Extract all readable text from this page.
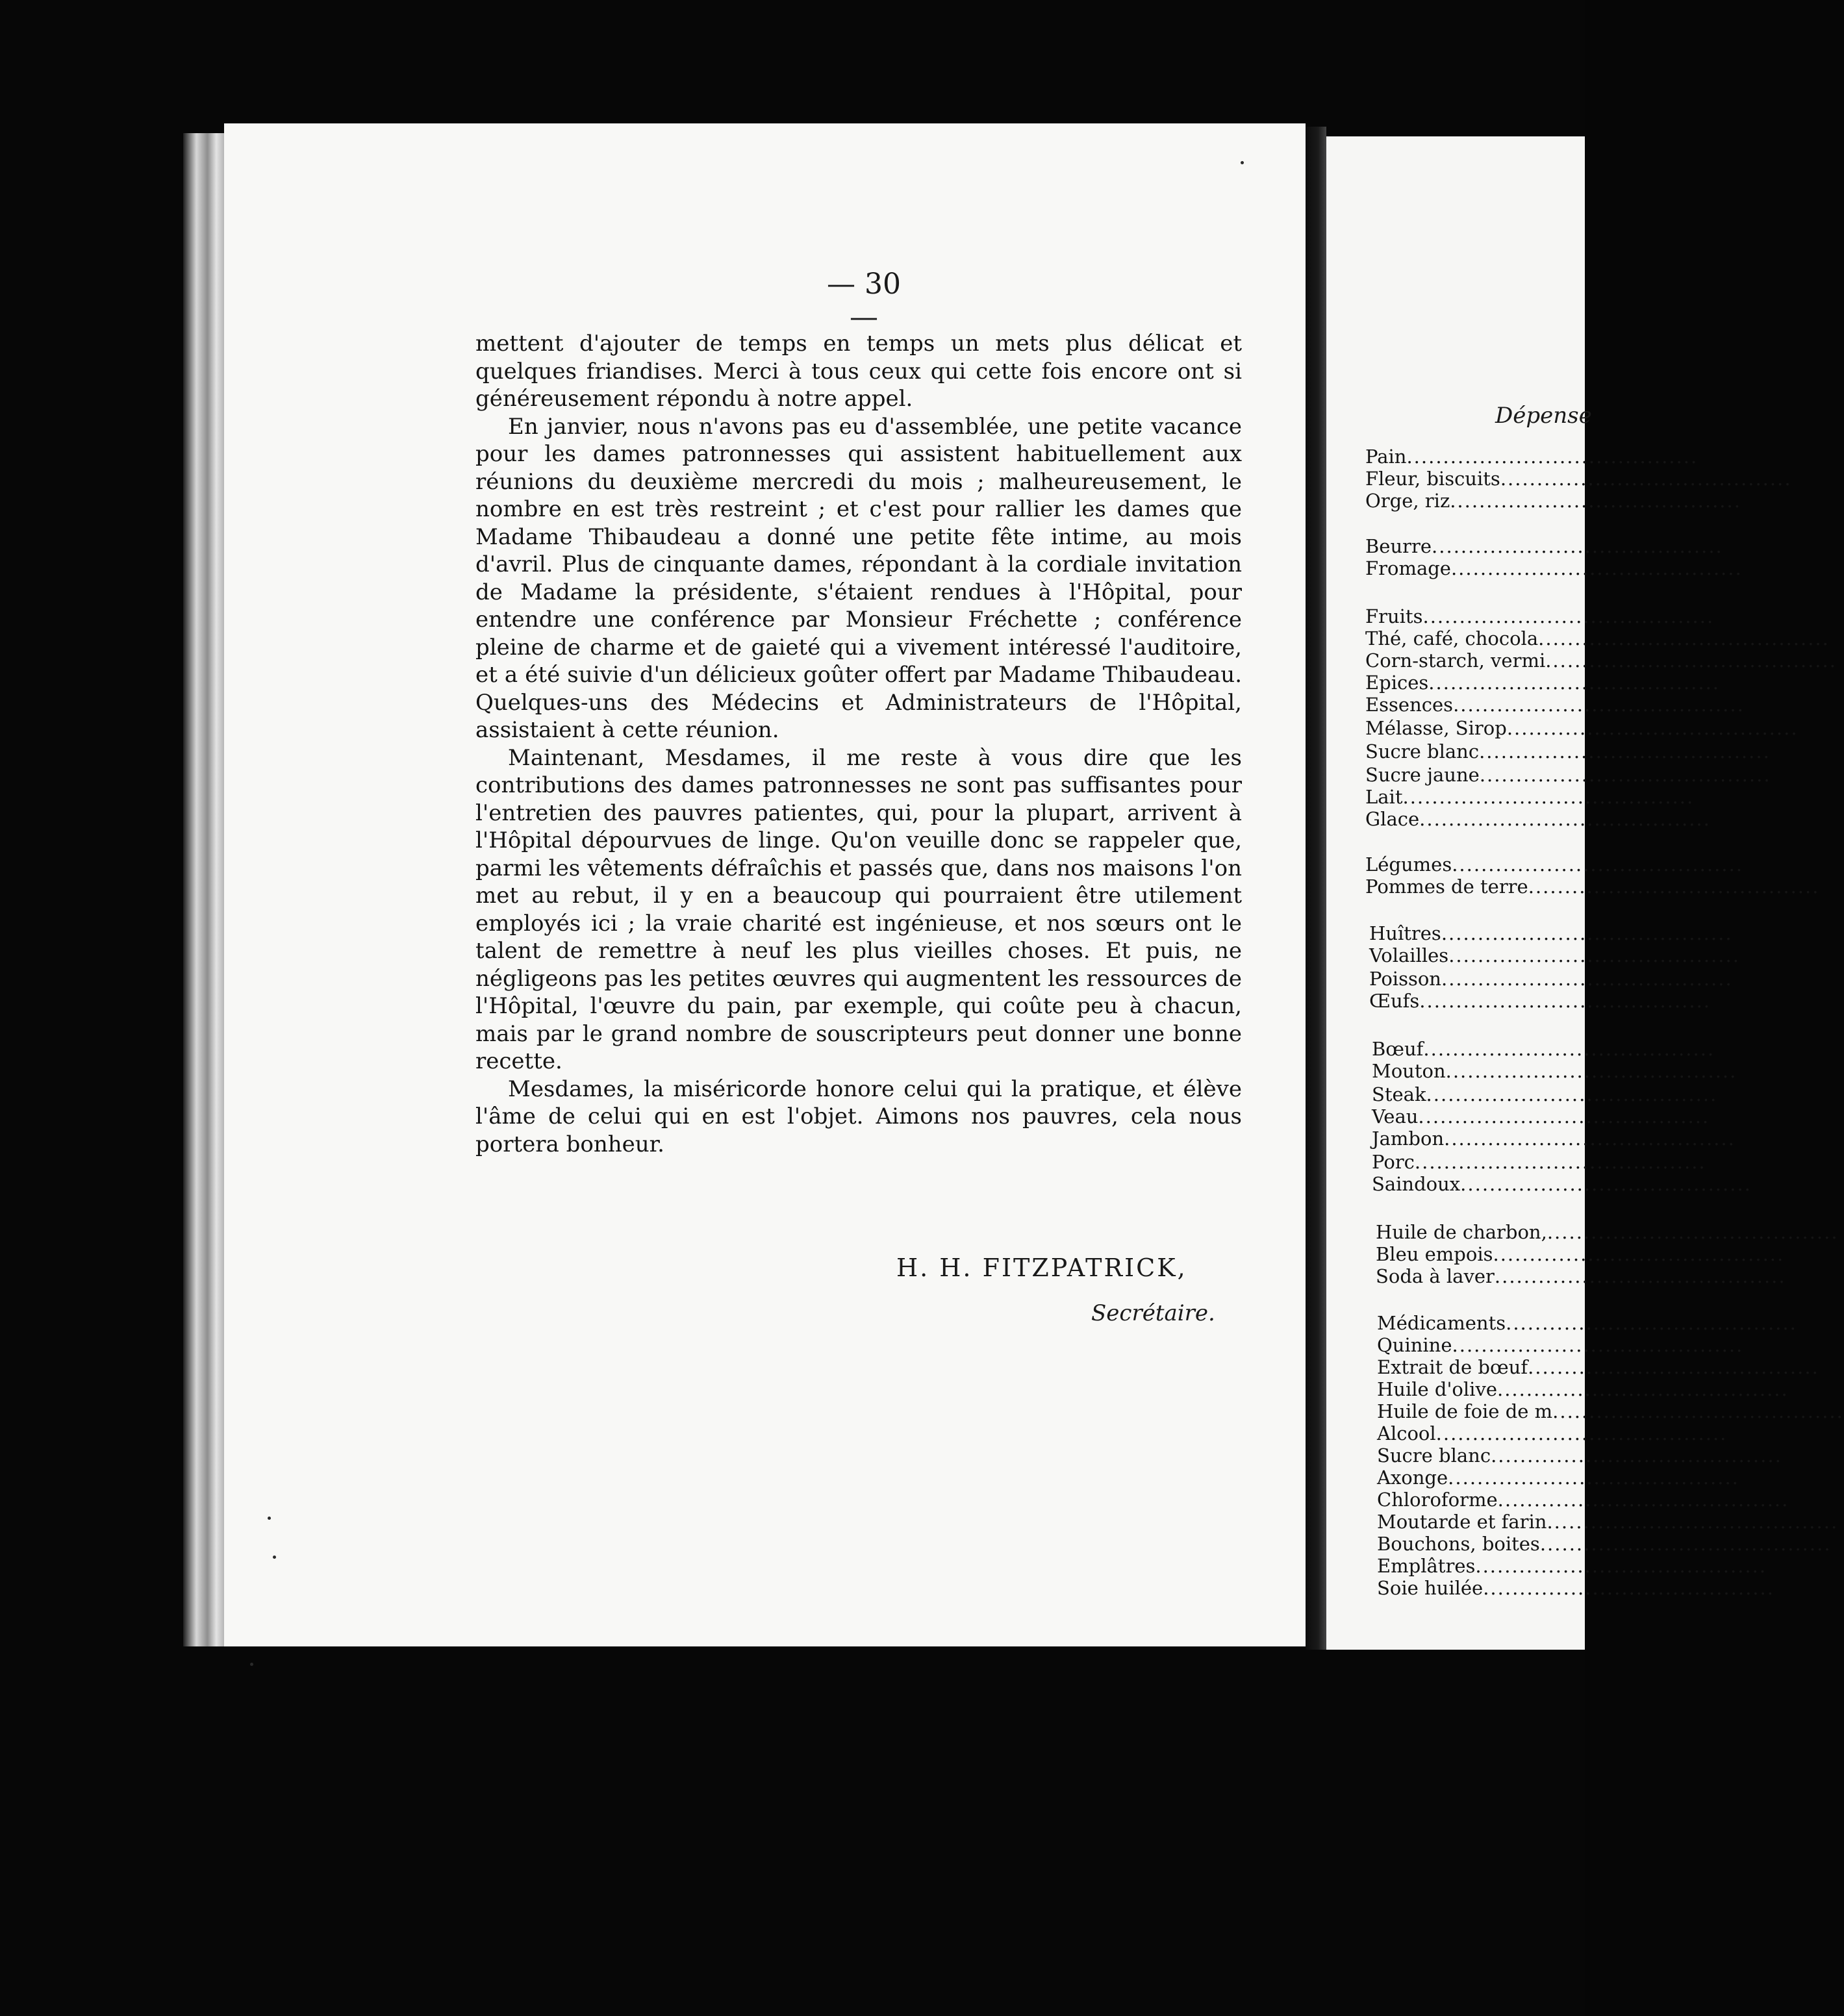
— 30 —

mettent d'ajouter de temps en temps un mets plus délicat et quelques friandises. Merci à tous ceux qui cette fois encore ont si généreusement répondu à notre appel.

En janvier, nous n'avons pas eu d'assemblée, une petite vacance pour les dames patronnesses qui assistent habituellement aux réunions du deuxième mercredi du mois ; malheureusement, le nombre en est très restreint ; et c'est pour rallier les dames que Madame Thibaudeau a donné une petite fête intime, au mois d'avril. Plus de cinquante dames, répondant à la cordiale invitation de Madame la présidente, s'étaient rendues à l'Hôpital, pour entendre une conférence par Monsieur Fréchette ; conférence pleine de charme et de gaieté qui a vivement intéressé l'auditoire, et a été suivie d'un délicieux goûter offert par Madame Thibaudeau. Quelques-uns des Médecins et Administrateurs de l'Hôpital, assistaient à cette réunion.

Maintenant, Mesdames, il me reste à vous dire que les contributions des dames patronnesses ne sont pas suffisantes pour l'entretien des pauvres patientes, qui, pour la plupart, arrivent à l'Hôpital dépourvues de linge. Qu'on veuille donc se rappeler que, parmi les vêtements défraîchis et passés que, dans nos maisons l'on met au rebut, il y en a beaucoup qui pourraient être utilement employés ici ; la vraie charité est ingénieuse, et nos sœurs ont le talent de remettre à neuf les plus vieilles choses. Et puis, ne négligeons pas les petites œuvres qui augmentent les ressources de l'Hôpital, l'œuvre du pain, par exemple, qui coûte peu à chacun, mais par le grand nombre de souscripteurs peut donner une bonne recette.

Mesdames, la miséricorde honore celui qui la pratique, et élève l'âme de celui qui en est l'objet. Aimons nos pauvres, cela nous portera bonheur.

H. H. FITZPATRICK,
Secrétaire.
Dépense
Pain........................................
Fleur, biscuits........................................
Orge, riz........................................
Beurre........................................
Fromage........................................
Fruits........................................
Thé, café, chocola........................................
Corn-starch, vermi........................................
Epices........................................
Essences........................................
Mélasse, Sirop........................................
Sucre blanc........................................
Sucre jaune........................................
Lait........................................
Glace........................................
Légumes........................................
Pommes de terre........................................
Huîtres........................................
Volailles........................................
Poisson........................................
Œufs........................................
Bœuf........................................
Mouton........................................
Steak........................................
Veau........................................
Jambon........................................
Porc........................................
Saindoux........................................
Huile de charbon,........................................
Bleu empois........................................
Soda à laver........................................
Médicaments........................................
Quinine........................................
Extrait de bœuf........................................
Huile d'olive........................................
Huile de foie de m........................................
Alcool........................................
Sucre blanc........................................
Axonge........................................
Chloroforme........................................
Moutarde et farin........................................
Bouchons, boites........................................
Emplâtres........................................
Soie huilée........................................
